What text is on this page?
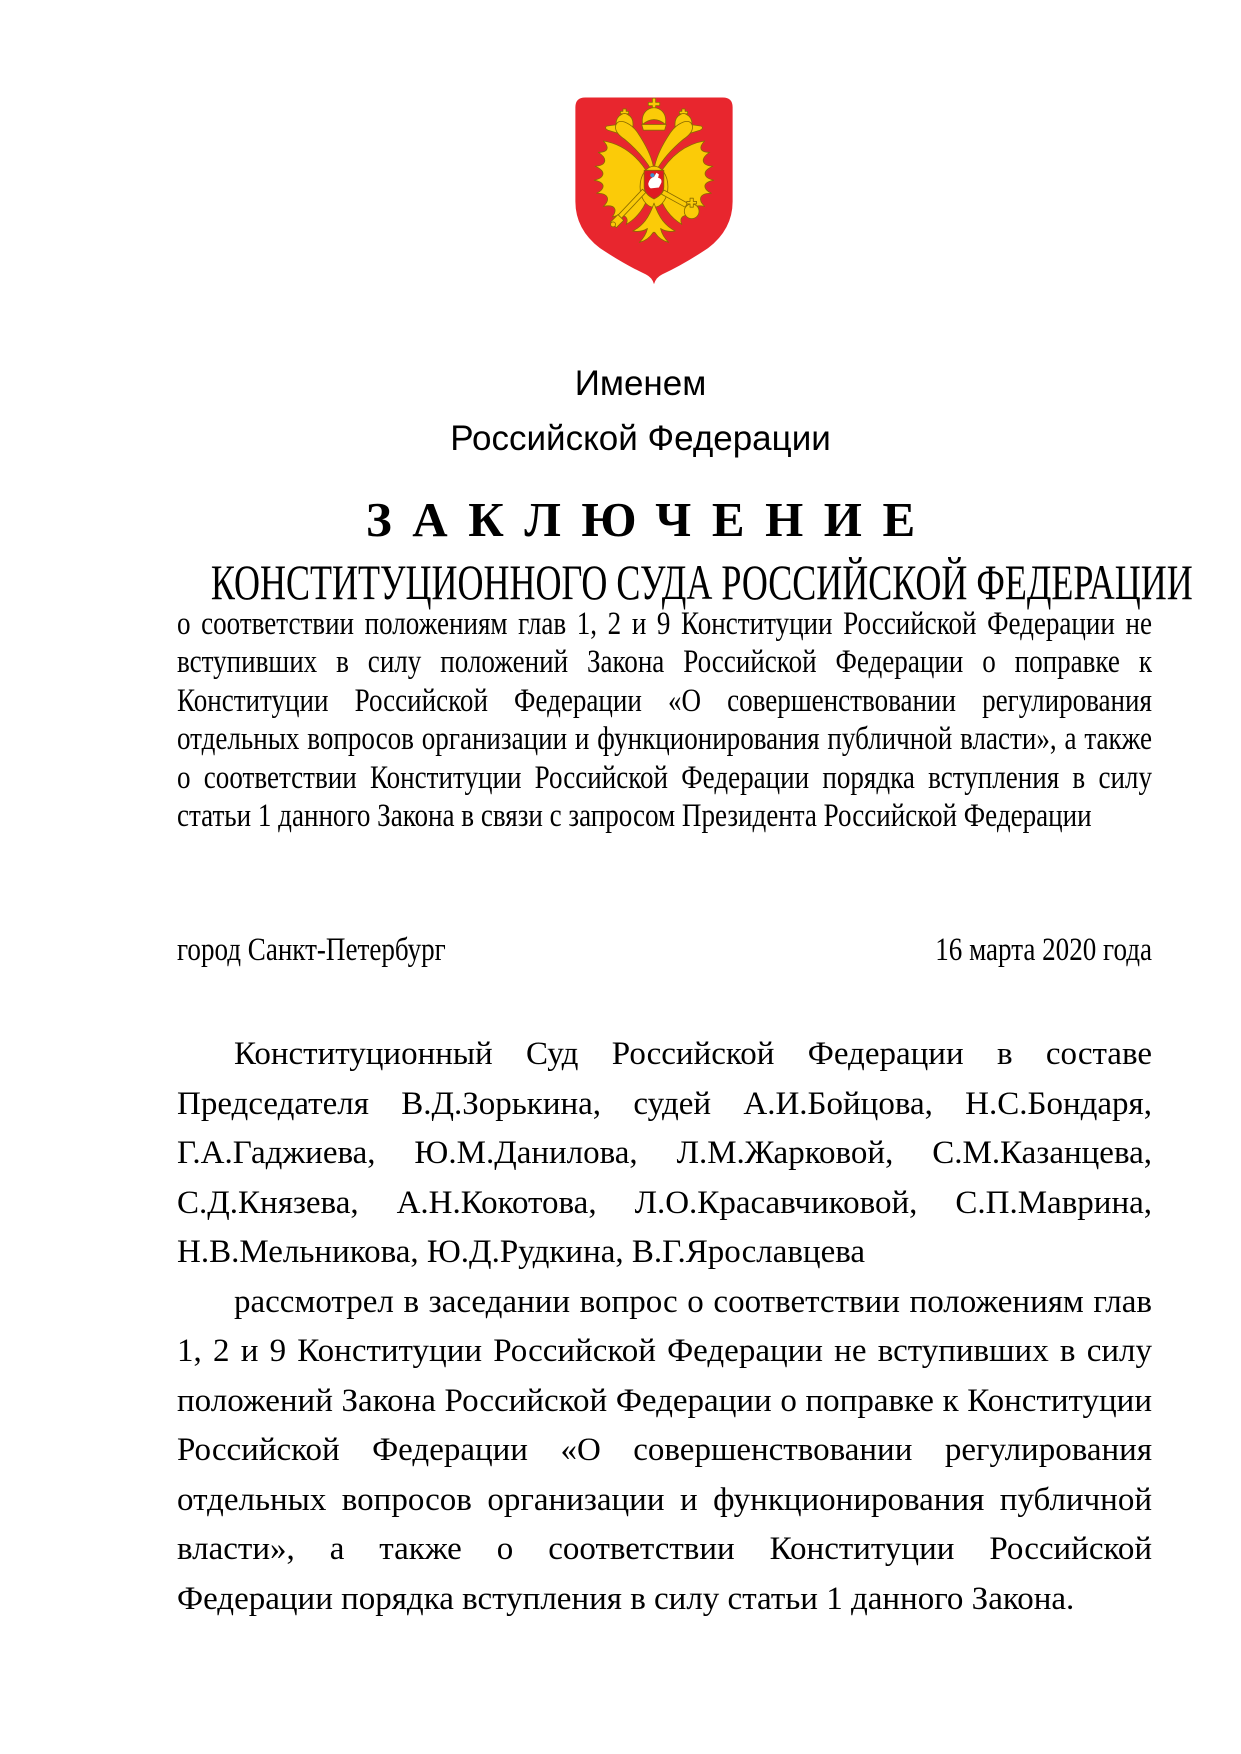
Именем
Российской Федерации
ЗАКЛЮЧЕНИЕ
КОНСТИТУЦИОННОГО СУДА РОССИЙСКОЙ ФЕДЕРАЦИИ
о соответствии положениям глав 1, 2 и 9 Конституции Российской Федерации не вступивших в силу положений Закона Российской Федерации о поправке к Конституции Российской Федерации «О совершенствовании регулирования отдельных вопросов организации и функционирования публичной власти», а также о соответствии Конституции Российской Федерации порядка вступления в силу статьи 1 данного Закона в связи с запросом Президента Российской Федерации
город Санкт-Петербург	16 марта 2020 года

Конституционный Суд Российской Федерации в составе Председателя В.Д.Зорькина, судей А.И.Бойцова, Н.С.Бондаря, Г.А.Гаджиева, Ю.М.Данилова, Л.М.Жарковой, С.М.Казанцева, С.Д.Князева, А.Н.Кокотова, Л.О.Красавчиковой, С.П.Маврина, Н.В.Мельникова, Ю.Д.Рудкина, В.Г.Ярославцева

рассмотрел в заседании вопрос о соответствии положениям глав 1, 2 и 9 Конституции Российской Федерации не вступивших в силу положений Закона Российской Федерации о поправке к Конституции Российской Федерации «О совершенствовании регулирования отдельных вопросов организации и функционирования публичной власти», а также о соответствии Конституции Российской Федерации порядка вступления в силу статьи 1 данного Закона.
